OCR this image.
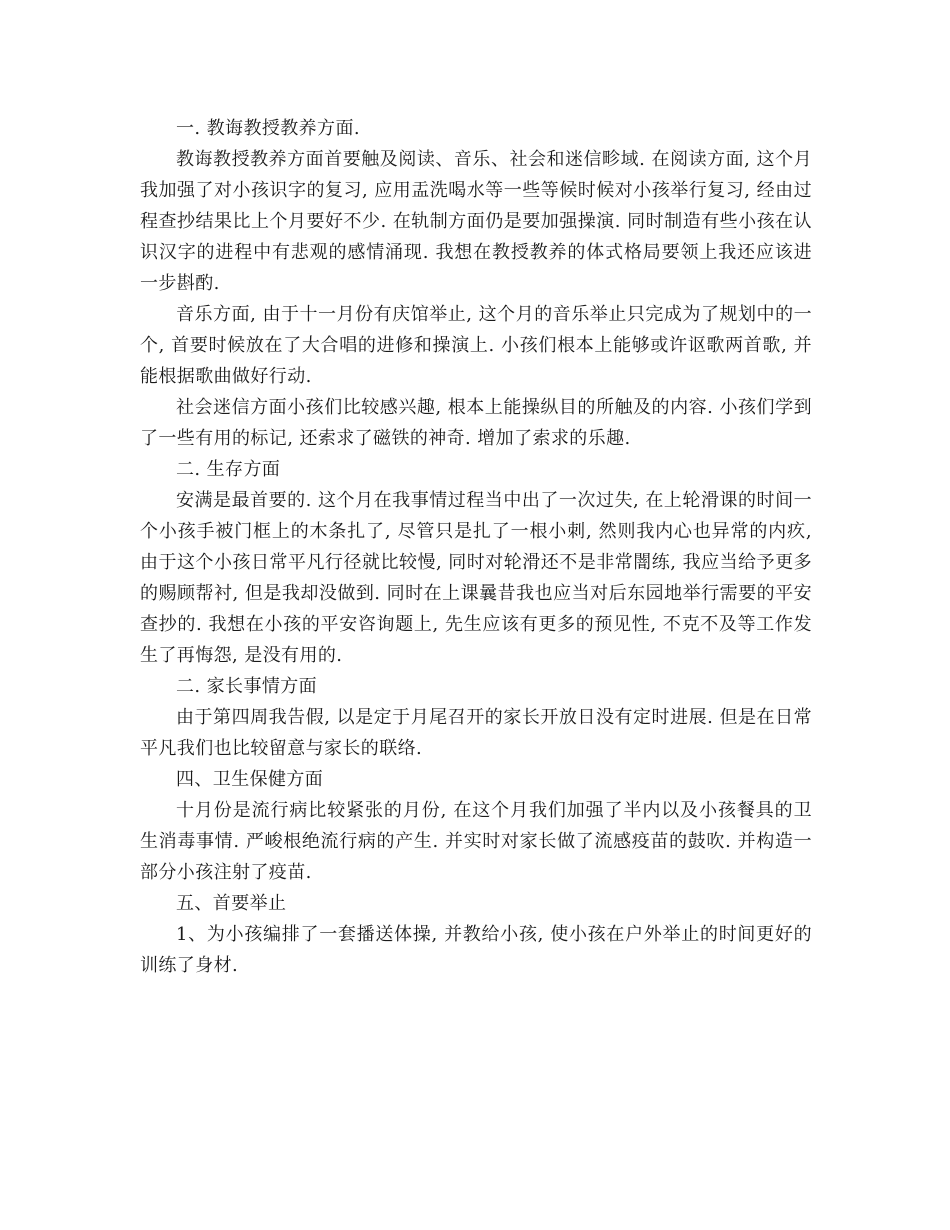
一. 教诲教授教养方面.

教诲教授教养方面首要触及阅读、音乐、社会和迷信畛域. 在阅读方面, 这个月我加强了对小孩识字的复习, 应用盂洗喝水等一些等候时候对小孩举行复习, 经由过程查抄结果比上个月要好不少. 在轨制方面仍是要加强操演. 同时制造有些小孩在认识汉字的进程中有悲观的感情涌现. 我想在教授教养的体式格局要领上我还应该进一步斟酌.

音乐方面, 由于十一月份有庆馆举止, 这个月的音乐举止只完成为了规划中的一个, 首要时候放在了大合唱的进修和操演上. 小孩们根本上能够或许讴歌两首歌, 并能根据歌曲做好行动.

社会迷信方面小孩们比较感兴趣, 根本上能操纵目的所触及的内容. 小孩们学到了一些有用的标记, 还索求了磁铁的神奇. 增加了索求的乐趣.

二. 生存方面

安满是最首要的. 这个月在我事情过程当中出了一次过失, 在上轮滑课的时间一个小孩手被门框上的木条扎了, 尽管只是扎了一根小刺, 然则我内心也异常的内疚, 由于这个小孩日常平凡行径就比较慢, 同时对轮滑还不是非常闇练, 我应当给予更多的赐顾帮衬, 但是我却没做到. 同时在上课曩昔我也应当对后东园地举行需要的平安查抄的. 我想在小孩的平安咨询题上, 先生应该有更多的预见性, 不克不及等工作发生了再悔怨, 是没有用的.

二. 家长事情方面

由于第四周我告假, 以是定于月尾召开的家长开放日没有定时进展. 但是在日常平凡我们也比较留意与家长的联络.

四、卫生保健方面

十月份是流行病比较紧张的月份, 在这个月我们加强了半内以及小孩餐具的卫生消毒事情. 严峻根绝流行病的产生. 并实时对家长做了流感疫苗的鼓吹. 并构造一部分小孩注射了疫苗.

五、首要举止

1、为小孩编排了一套播送体操, 并教给小孩, 使小孩在户外举止的时间更好的训练了身材.
